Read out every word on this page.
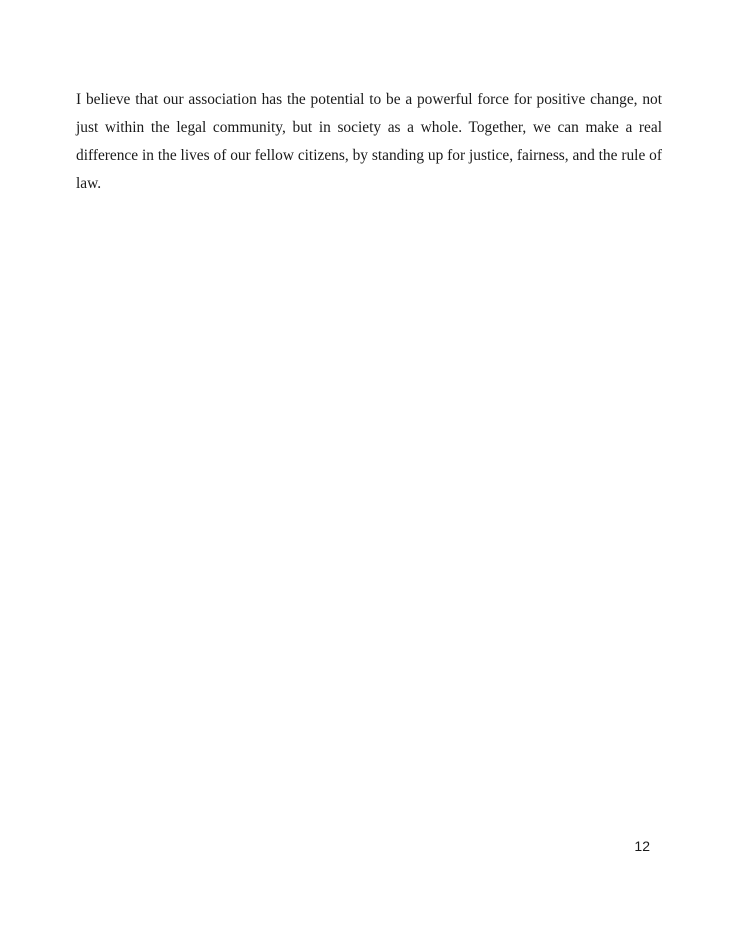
I believe that our association has the potential to be a powerful force for positive change, not just within the legal community, but in society as a whole. Together, we can make a real difference in the lives of our fellow citizens, by standing up for justice, fairness, and the rule of law.

12
